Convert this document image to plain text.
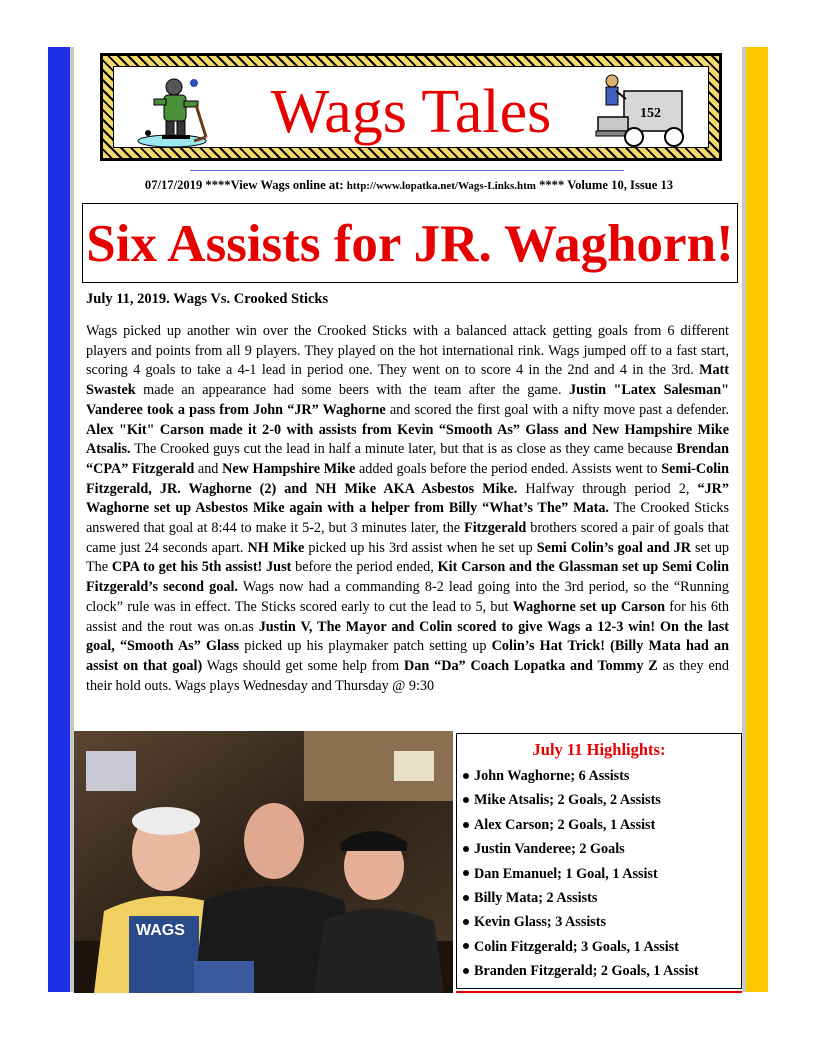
Wags Tales	152
07/17/2019 ****View Wags online at: http://www.lopatka.net/Wags-Links.htm **** Volume 10, Issue 13
Six Assists for JR. Waghorn!
July 11, 2019. Wags Vs. Crooked Sticks

Wags picked up another win over the Crooked Sticks with a balanced attack getting goals from 6 different players and points from all 9 players. They played on the hot international rink. Wags jumped off to a fast start, scoring 4 goals to take a 4-1 lead in period one. They went on to score 4 in the 2nd and 4 in the 3rd. Matt Swastek made an appearance had some beers with the team after the game. Justin "Latex Salesman" Vanderee took a pass from John “JR” Waghorne and scored the first goal with a nifty move past a defender. Alex "Kit" Carson made it 2-0 with assists from Kevin “Smooth As” Glass and New Hampshire Mike Atsalis. The Crooked guys cut the lead in half a minute later, but that is as close as they came because Brendan “CPA” Fitzgerald and New Hampshire Mike added goals before the period ended. Assists went to Semi-Colin Fitzgerald, JR. Waghorne (2) and NH Mike AKA Asbestos Mike. Halfway through period 2, “JR” Waghorne set up Asbestos Mike again with a helper from Billy “What’s The” Mata. The Crooked Sticks answered that goal at 8:44 to make it 5-2, but 3 minutes later, the Fitzgerald brothers scored a pair of goals that came just 24 seconds apart. NH Mike picked up his 3rd assist when he set up Semi Colin’s goal and JR set up The CPA to get his 5th assist! Just before the period ended, Kit Carson and the Glassman set up Semi Colin Fitzgerald’s second goal. Wags now had a commanding 8-2 lead going into the 3rd period, so the “Running clock” rule was in effect. The Sticks scored early to cut the lead to 5, but Waghorne set up Carson for his 6th assist and the rout was on.as Justin V, The Mayor and Colin scored to give Wags a 12-3 win! On the last goal, “Smooth As” Glass picked up his playmaker patch setting up Colin’s Hat Trick! (Billy Mata had an assist on that goal) Wags should get some help from Dan “Da” Coach Lopatka and Tommy Z as they end their hold outs. Wags plays Wednesday and Thursday @ 9:30

WAGS
July 11 Highlights:
John Waghorne; 6 Assists
Mike Atsalis; 2 Goals, 2 Assists
Alex Carson; 2 Goals, 1 Assist
Justin Vanderee; 2 Goals
Dan Emanuel; 1 Goal, 1 Assist
Billy Mata; 2 Assists
Kevin Glass; 3 Assists
Colin Fitzgerald; 3 Goals, 1 Assist
Branden Fitzgerald; 2 Goals, 1 Assist
